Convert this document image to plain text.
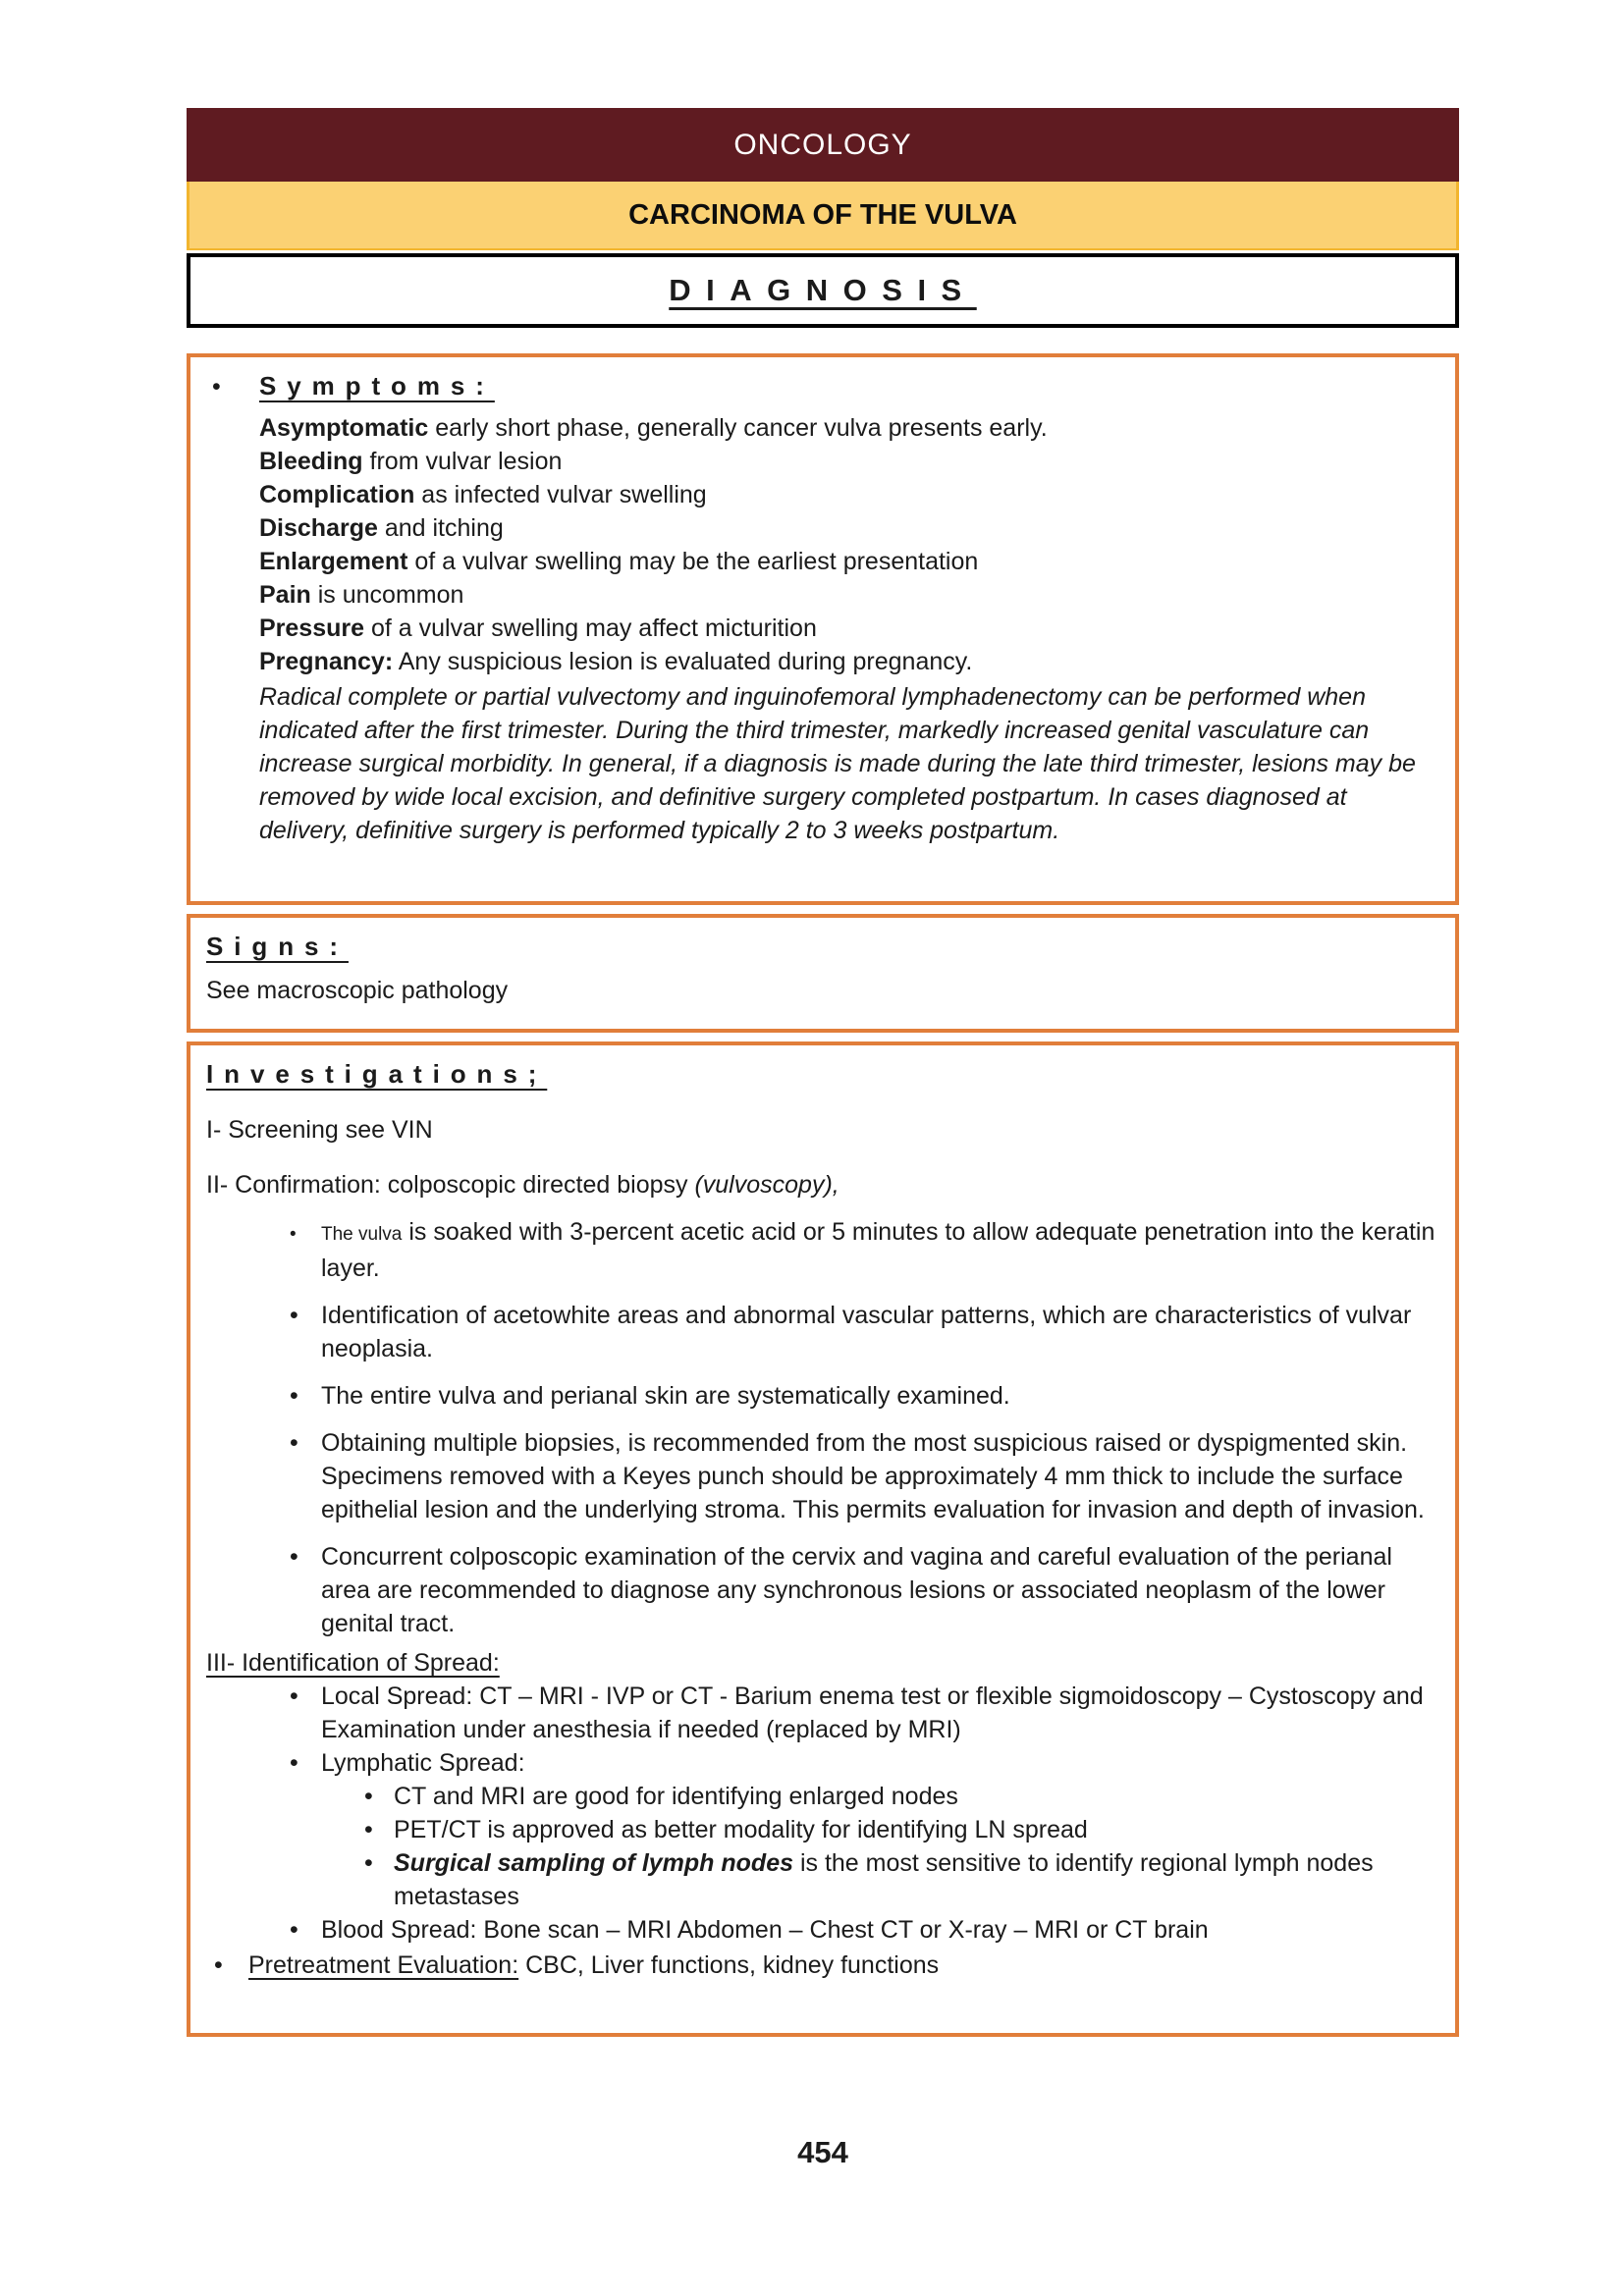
ONCOLOGY
CARCINOMA OF THE VULVA
DIAGNOSIS
•	Symptoms:

Asymptomatic early short phase, generally cancer vulva presents early.

Bleeding from vulvar lesion

Complication as infected vulvar swelling

Discharge and itching

Enlargement of a vulvar swelling may be the earliest presentation

Pain is uncommon

Pressure of a vulvar swelling may affect micturition

Pregnancy: Any suspicious lesion is evaluated during pregnancy.

Radical complete or partial vulvectomy and inguinofemoral lymphadenectomy can be performed when indicated after the first trimester. During the third trimester, markedly increased genital vasculature can increase surgical morbidity. In general, if a diagnosis is made during the late third trimester, lesions may be removed by wide local excision, and definitive surgery completed postpartum. In cases diagnosed at delivery, definitive surgery is performed typically 2 to 3 weeks postpartum.

Signs:

See macroscopic pathology

Investigations;

I- Screening see VIN

II- Confirmation: colposcopic directed biopsy (vulvoscopy),

•	The vulva is soaked with 3-percent acetic acid or 5 minutes to allow adequate penetration into the keratin layer.

• Identification of acetowhite areas and abnormal vascular patterns, which are characteristics of vulvar neoplasia.

• The entire vulva and perianal skin are systematically examined.

• Obtaining multiple biopsies, is recommended from the most suspicious raised or dyspigmented skin. Specimens removed with a Keyes punch should be approximately 4 mm thick to include the surface epithelial lesion and the underlying stroma. This permits evaluation for invasion and depth of invasion.

• Concurrent colposcopic examination of the cervix and vagina and careful evaluation of the perianal area are recommended to diagnose any synchronous lesions or associated neoplasm of the lower genital tract.

III- Identification of Spread:

• Local Spread: CT – MRI - IVP or CT - Barium enema test or flexible sigmoidoscopy – Cystoscopy and Examination under anesthesia if needed (replaced by MRI)

• Lymphatic Spread:

• CT and MRI are good for identifying enlarged nodes

• PET/CT is approved as better modality for identifying LN spread

• Surgical sampling of lymph nodes is the most sensitive to identify regional lymph nodes metastases

• Blood Spread: Bone scan – MRI Abdomen – Chest CT or X-ray – MRI or CT brain

•	Pretreatment Evaluation: CBC, Liver functions, kidney functions

454
